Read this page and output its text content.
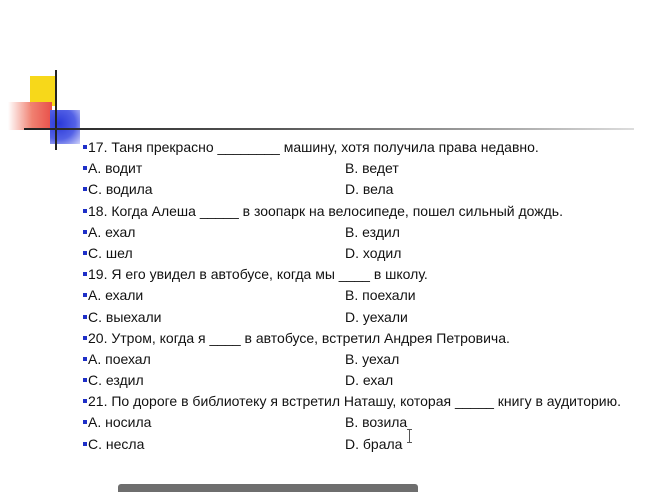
17. Таня прекрасно ________ машину, хотя получила права недавно.
A. водит	B. ведет
C. водила	D. вела
18. Когда Алеша _____ в зоопарк на велосипеде, пошел сильный дождь.
A. ехал	B. ездил
C. шел	D. ходил
19. Я его увидел в автобусе, когда мы ____ в школу.
A. ехали	B. поехали
C. выехали	D. уехали
20. Утром, когда я ____ в автобусе, встретил Андрея Петровича.
A. поехал	B. уехал
C. ездил	D. ехал
21. По дороге в библиотеку я встретил Наташу, которая _____ книгу в аудиторию.
A. носила	B. возила
C. несла	D. брала
